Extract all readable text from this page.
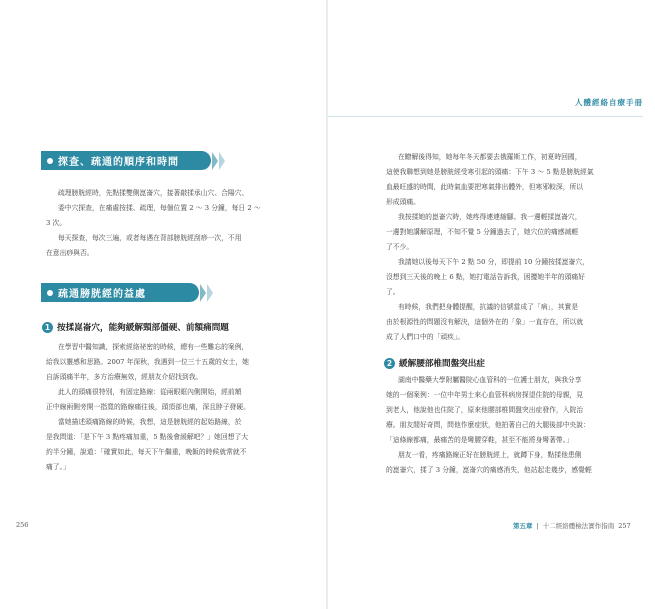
探查、疏通的順序和時間
疏理膀胱經時，先點揉雙側崑崙穴，接著敲揉承山穴、合陽穴、
委中穴探查，在痛處按揉、疏理，每個位置 2 ～ 3 分鐘，每日 2 ～
3 次。
每天探查，每次三遍，或者每遇在背部膀胱經刮痧一次，不用
在意出痧與否。
疏通膀胱經的益處
1 按揉崑崙穴，能夠緩解頸部僵硬、前額痛問題
在學習中醫知識，探索經絡祕密的時候，總有一些難忘的案例，
給我以靈感和思路。2007 年深秋，我遇到一位三十五歲的女士，她
自訴頭痛半年，多方治療無效，經朋友介紹找到我。
此人的頭痛很特別，有固定路線：從兩眼眶內側開始，經前額
正中線兩側旁開一指寬的路線痛往後，頭頂部也痛，深且脖子發硬。
當她描述頭痛路線的時候，我想，這是膀胱經的起始路線，於
是我問道：「是下午 3 點疼痛加重，5 點後會緩解吧？」她回想了大
約半分鐘，說道：「確實如此，每天下午繼重，晚飯的時候就常就不
痛了。」
256
人體經絡自療手冊
在瞭解後得知，她每年冬天都要去俄羅斯工作，初夏時回國，
這使我聯想到她是膀胱經受寒引起的頭痛：下午 3 ～ 5 點是膀胱經氣
血最旺盛的時間，此時氣血要把寒氣排出體外，但寒邪較深，所以
形成頭痛。
我按揉她的崑崙穴時，她疼得連連縮腳。我一邊輕揉崑崙穴，
一邊對她講解原理，不知不覺 5 分鐘過去了，她穴位的痛感減輕
了不少。
我請她以後每天下午 2 點 50 分，即提前 10 分鐘按揉崑崙穴，
沒想到三天後的晚上 6 點，她打電話告訴我，困擾她半年的頭痛好
了。
有時候，我們把身體提醒，抗議的信號當成了「病」，其實是
由於根源性的問題沒有解決，這個外在的「象」一直存在，所以就
成了人們口中的「頑疾」。
2 緩解腰部椎間盤突出症
湖南中醫藥大學附屬醫院心血管科的一位護士朋友，與我分享
她的一個案例：一位中年男士來心血管科病房探望住院的母親，見
到老人，他說他也住院了，原來他腰部椎間盤突出症發作，入院治
療。朋友閒好奇問，問他作麼症狀，他拍著自己的大腿後部中央說：
「這條線都痛，最痛苦的是彎腰穿鞋，甚至不能將身彎著帶。」
朋友一看，疼痛路線正好在膀胱經上，就蹲下身，點揉他患側
的崑崙穴，揉了 3 分鐘，崑崙穴的痛感消失，他站起走幾步，感覺輕
第五章 | 十二經絡體檢法實作指南 257
